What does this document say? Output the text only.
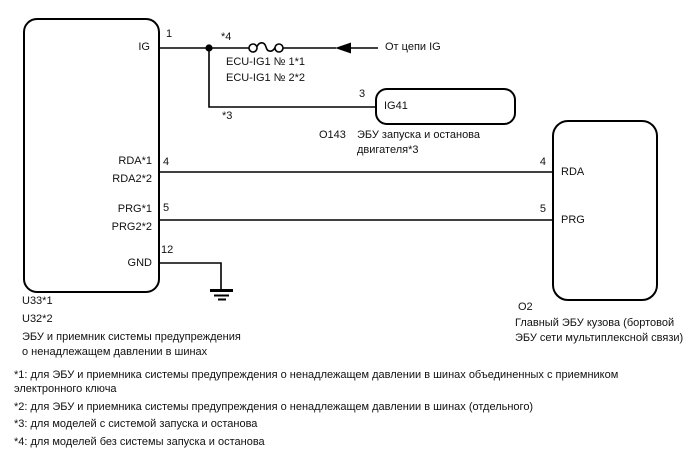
IG
RDA*1
RDA2*2
PRG*1
PRG2*2
GND
1
4
5
12
*4
ECU-IG1 № 1*1
ECU-IG1 № 2*2
От цепи IG
*3
3
IG41
O143 ЭБУ запуска и останова
двигателя*3
4
5
RDA
PRG
O2
Главный ЭБУ кузова (бортовой
ЭБУ сети мультиплексной связи)
U33*1
U32*2
ЭБУ и приемник системы предупреждения
о ненадлежащем давлении в шинах
*1: для ЭБУ и приемника системы предупреждения о ненадлежащем давлении в шинах объединенных с приемником электронного ключа
*2: для ЭБУ и приемника системы предупреждения о ненадлежащем давлении в шинах (отдельного)
*3: для моделей с системой запуска и останова
*4: для моделей без системы запуска и останова
